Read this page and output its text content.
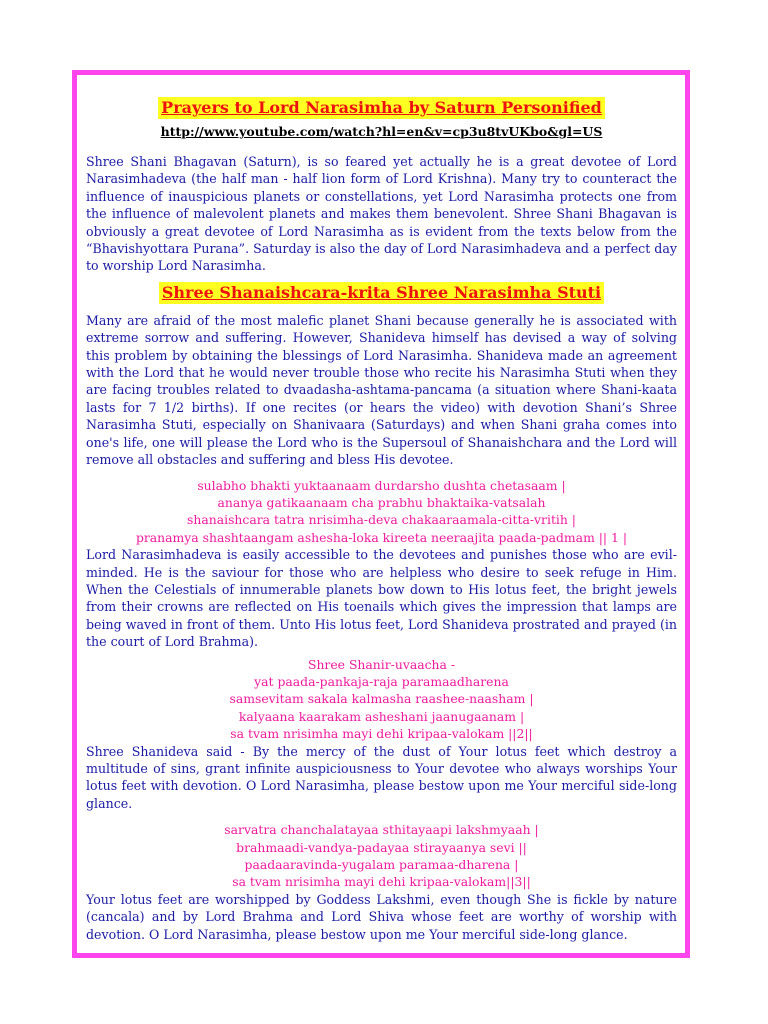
Prayers to Lord Narasimha by Saturn Personified
http://www.youtube.com/watch?hl=en&v=cp3u8tvUKbo&gl=US

Shree Shani Bhagavan (Saturn), is so feared yet actually he is a great devotee of Lord Narasimhadeva (the half man - half lion form of Lord Krishna). Many try to counteract the influence of inauspicious planets or constellations, yet Lord Narasimha protects one from the influence of malevolent planets and makes them benevolent. Shree Shani Bhagavan is obviously a great devotee of Lord Narasimha as is evident from the texts below from the “Bhavishyottara Purana”. Saturday is also the day of Lord Narasimhadeva and a perfect day to worship Lord Narasimha.

Shree Shanaishcara-krita Shree Narasimha Stuti

Many are afraid of the most malefic planet Shani because generally he is associated with extreme sorrow and suffering. However, Shanideva himself has devised a way of solving this problem by obtaining the blessings of Lord Narasimha. Shanideva made an agreement with the Lord that he would never trouble those who recite his Narasimha Stuti when they are facing troubles related to dvaadasha-ashtama-pancama (a situation where Shani-kaata lasts for 7 1/2 births). If one recites (or hears the video) with devotion Shani’s Shree Narasimha Stuti, especially on Shanivaara (Saturdays) and when Shani graha comes into one's life, one will please the Lord who is the Supersoul of Shanaishchara and the Lord will remove all obstacles and suffering and bless His devotee.

sulabho bhakti yuktaanaam durdarsho dushta chetasaam |
ananya gatikaanaam cha prabhu bhaktaika-vatsalah
shanaishcara tatra nrisimha-deva chakaaraamala-citta-vritih |
pranamya shashtaangam ashesha-loka kireeta neeraajita paada-padmam || 1 |

Lord Narasimhadeva is easily accessible to the devotees and punishes those who are evil-minded. He is the saviour for those who are helpless who desire to seek refuge in Him. When the Celestials of innumerable planets bow down to His lotus feet, the bright jewels from their crowns are reflected on His toenails which gives the impression that lamps are being waved in front of them. Unto His lotus feet, Lord Shanideva prostrated and prayed (in the court of Lord Brahma).

Shree Shanir-uvaacha -
yat paada-pankaja-raja paramaadharena
samsevitam sakala kalmasha raashee-naasham |
kalyaana kaarakam asheshani jaanugaanam |
sa tvam nrisimha mayi dehi kripaa-valokam ||2||

Shree Shanideva said - By the mercy of the dust of Your lotus feet which destroy a multitude of sins, grant infinite auspiciousness to Your devotee who always worships Your lotus feet with devotion. O Lord Narasimha, please bestow upon me Your merciful side-long glance.

sarvatra chanchalatayaa sthitayaapi lakshmyaah |
brahmaadi-vandya-padayaa stirayaanya sevi ||
paadaaravinda-yugalam paramaa-dharena |
sa tvam nrisimha mayi dehi kripaa-valokam||3||

Your lotus feet are worshipped by Goddess Lakshmi, even though She is fickle by nature (cancala) and by Lord Brahma and Lord Shiva whose feet are worthy of worship with devotion. O Lord Narasimha, please bestow upon me Your merciful side-long glance.
